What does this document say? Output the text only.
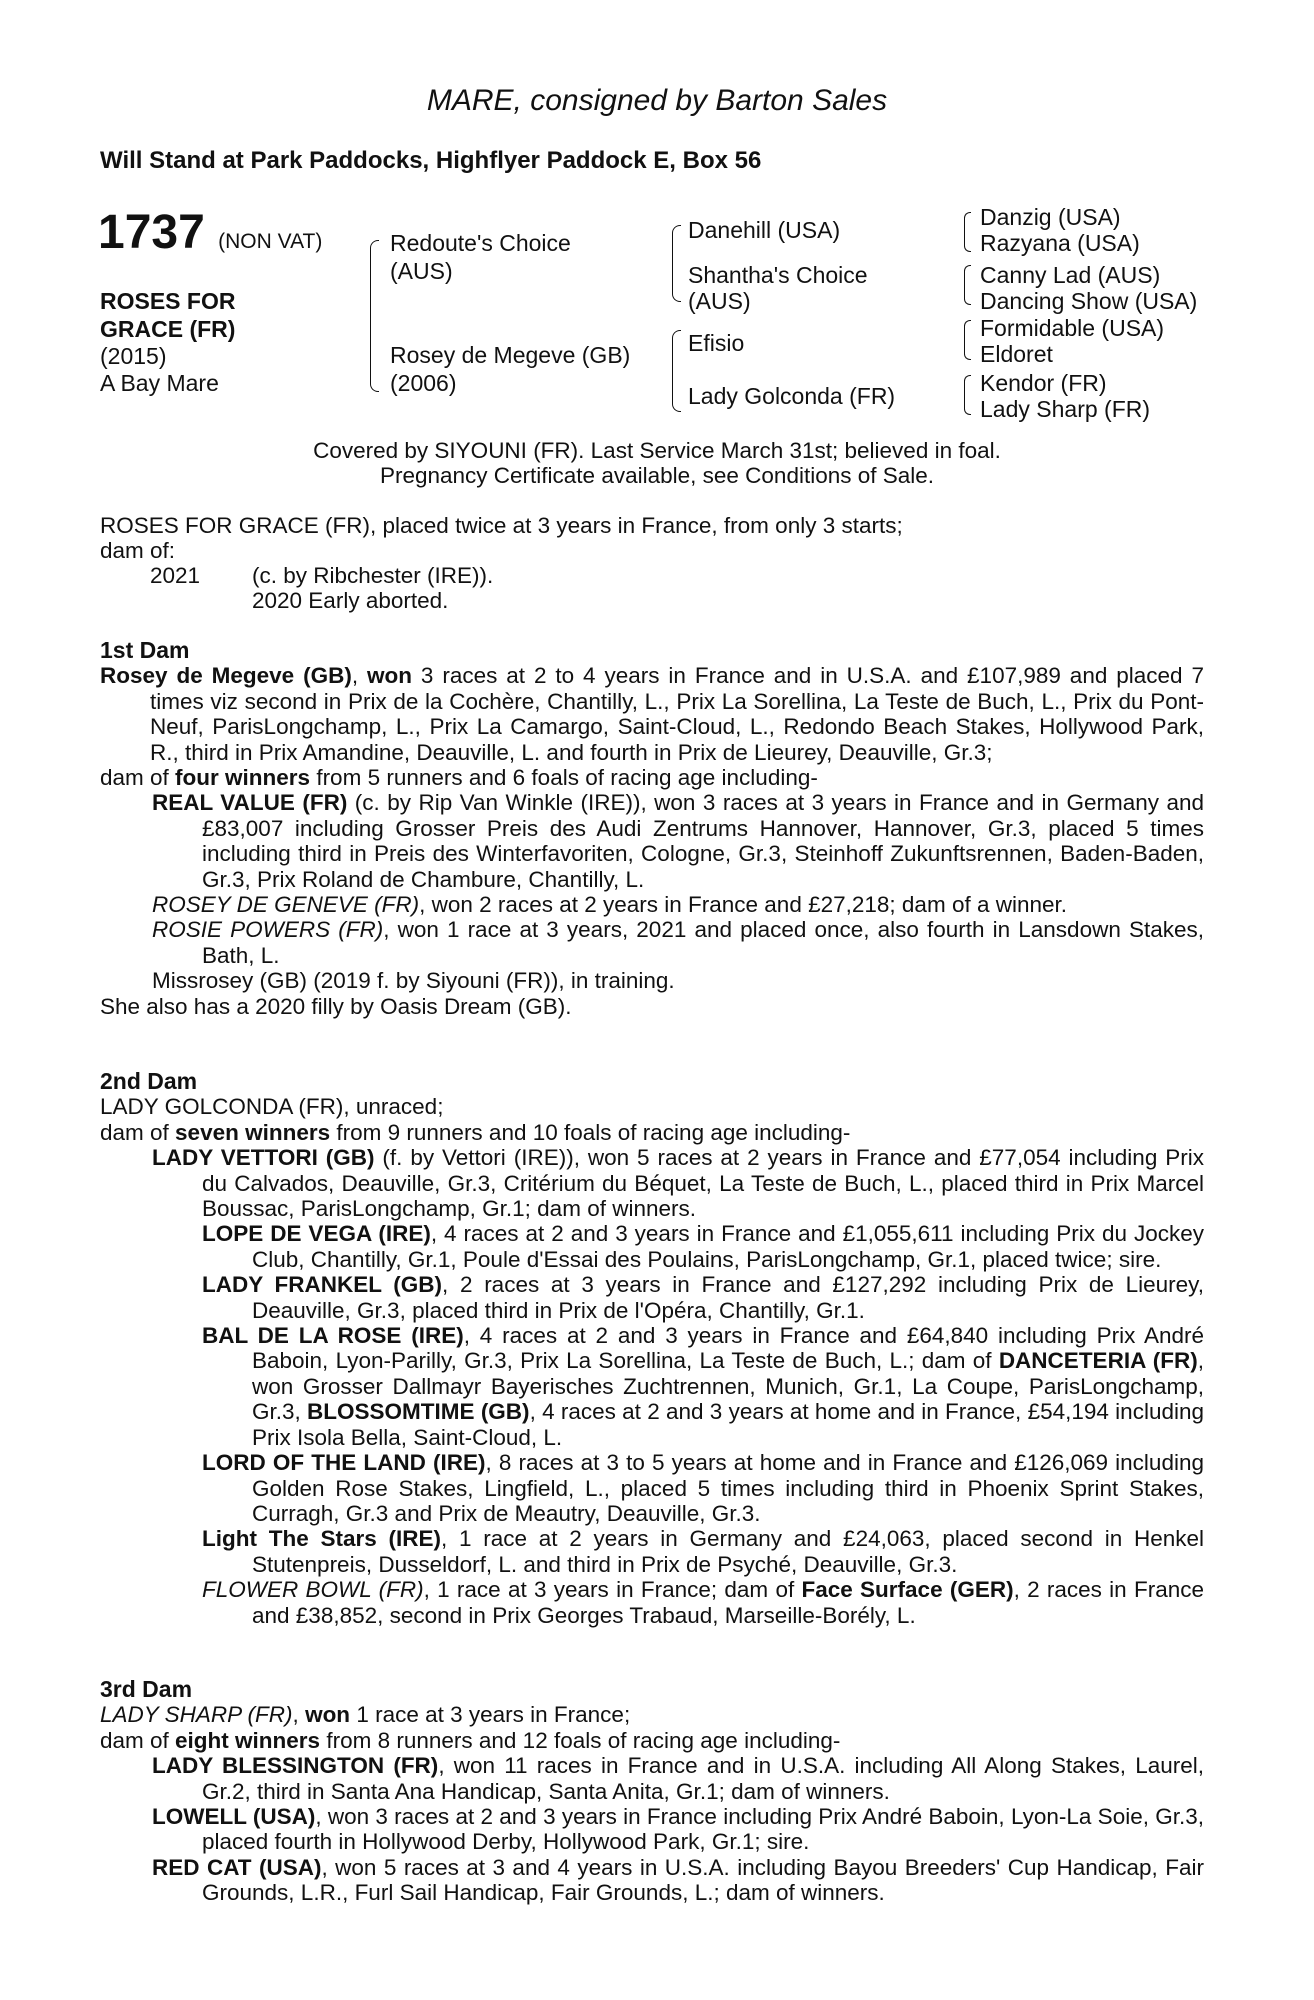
MARE, consigned by Barton Sales
Will Stand at Park Paddocks, Highflyer Paddock E, Box 56
1737 (NON VAT)
ROSES FOR
GRACE (FR)
(2015)
A Bay Mare
Redoute's Choice
(AUS)
Rosey de Megeve (GB)
(2006)
Danehill (USA)
Shantha's Choice
(AUS)
Efisio
Lady Golconda (FR)
Danzig (USA)
Razyana (USA)
Canny Lad (AUS)
Dancing Show (USA)
Formidable (USA)
Eldoret
Kendor (FR)
Lady Sharp (FR)
Covered by SIYOUNI (FR). Last Service March 31st; believed in foal.
Pregnancy Certificate available, see Conditions of Sale.
ROSES FOR GRACE (FR), placed twice at 3 years in France, from only 3 starts;
dam of:
2021 (c. by Ribchester (IRE)).
2020 Early aborted.
1st Dam
Rosey de Megeve (GB), won 3 races at 2 to 4 years in France and in U.S.A. and £107,989 and placed 7 times viz second in Prix de la Cochère, Chantilly, L., Prix La Sorellina, La Teste de Buch, L., Prix du Pont-Neuf, ParisLongchamp, L., Prix La Camargo, Saint-Cloud, L., Redondo Beach Stakes, Hollywood Park, R., third in Prix Amandine, Deauville, L. and fourth in Prix de Lieurey, Deauville, Gr.3;
dam of four winners from 5 runners and 6 foals of racing age including-
REAL VALUE (FR) (c. by Rip Van Winkle (IRE)), won 3 races at 3 years in France and in Germany and £83,007 including Grosser Preis des Audi Zentrums Hannover, Hannover, Gr.3, placed 5 times including third in Preis des Winterfavoriten, Cologne, Gr.3, Steinhoff Zukunftsrennen, Baden-Baden, Gr.3, Prix Roland de Chambure, Chantilly, L.
ROSEY DE GENEVE (FR), won 2 races at 2 years in France and £27,218; dam of a winner.
ROSIE POWERS (FR), won 1 race at 3 years, 2021 and placed once, also fourth in Lansdown Stakes, Bath, L.
Missrosey (GB) (2019 f. by Siyouni (FR)), in training.
She also has a 2020 filly by Oasis Dream (GB).
2nd Dam
LADY GOLCONDA (FR), unraced;
dam of seven winners from 9 runners and 10 foals of racing age including-
LADY VETTORI (GB) (f. by Vettori (IRE)), won 5 races at 2 years in France and £77,054 including Prix du Calvados, Deauville, Gr.3, Critérium du Béquet, La Teste de Buch, L., placed third in Prix Marcel Boussac, ParisLongchamp, Gr.1; dam of winners.
LOPE DE VEGA (IRE), 4 races at 2 and 3 years in France and £1,055,611 including Prix du Jockey Club, Chantilly, Gr.1, Poule d'Essai des Poulains, ParisLongchamp, Gr.1, placed twice; sire.
LADY FRANKEL (GB), 2 races at 3 years in France and £127,292 including Prix de Lieurey, Deauville, Gr.3, placed third in Prix de l'Opéra, Chantilly, Gr.1.
BAL DE LA ROSE (IRE), 4 races at 2 and 3 years in France and £64,840 including Prix André Baboin, Lyon-Parilly, Gr.3, Prix La Sorellina, La Teste de Buch, L.; dam of DANCETERIA (FR), won Grosser Dallmayr Bayerisches Zuchtrennen, Munich, Gr.1, La Coupe, ParisLongchamp, Gr.3, BLOSSOMTIME (GB), 4 races at 2 and 3 years at home and in France, £54,194 including Prix Isola Bella, Saint-Cloud, L.
LORD OF THE LAND (IRE), 8 races at 3 to 5 years at home and in France and £126,069 including Golden Rose Stakes, Lingfield, L., placed 5 times including third in Phoenix Sprint Stakes, Curragh, Gr.3 and Prix de Meautry, Deauville, Gr.3.
Light The Stars (IRE), 1 race at 2 years in Germany and £24,063, placed second in Henkel Stutenpreis, Dusseldorf, L. and third in Prix de Psyché, Deauville, Gr.3.
FLOWER BOWL (FR), 1 race at 3 years in France; dam of Face Surface (GER), 2 races in France and £38,852, second in Prix Georges Trabaud, Marseille-Borély, L.
3rd Dam
LADY SHARP (FR), won 1 race at 3 years in France;
dam of eight winners from 8 runners and 12 foals of racing age including-
LADY BLESSINGTON (FR), won 11 races in France and in U.S.A. including All Along Stakes, Laurel, Gr.2, third in Santa Ana Handicap, Santa Anita, Gr.1; dam of winners.
LOWELL (USA), won 3 races at 2 and 3 years in France including Prix André Baboin, Lyon-La Soie, Gr.3, placed fourth in Hollywood Derby, Hollywood Park, Gr.1; sire.
RED CAT (USA), won 5 races at 3 and 4 years in U.S.A. including Bayou Breeders' Cup Handicap, Fair Grounds, L.R., Furl Sail Handicap, Fair Grounds, L.; dam of winners.
